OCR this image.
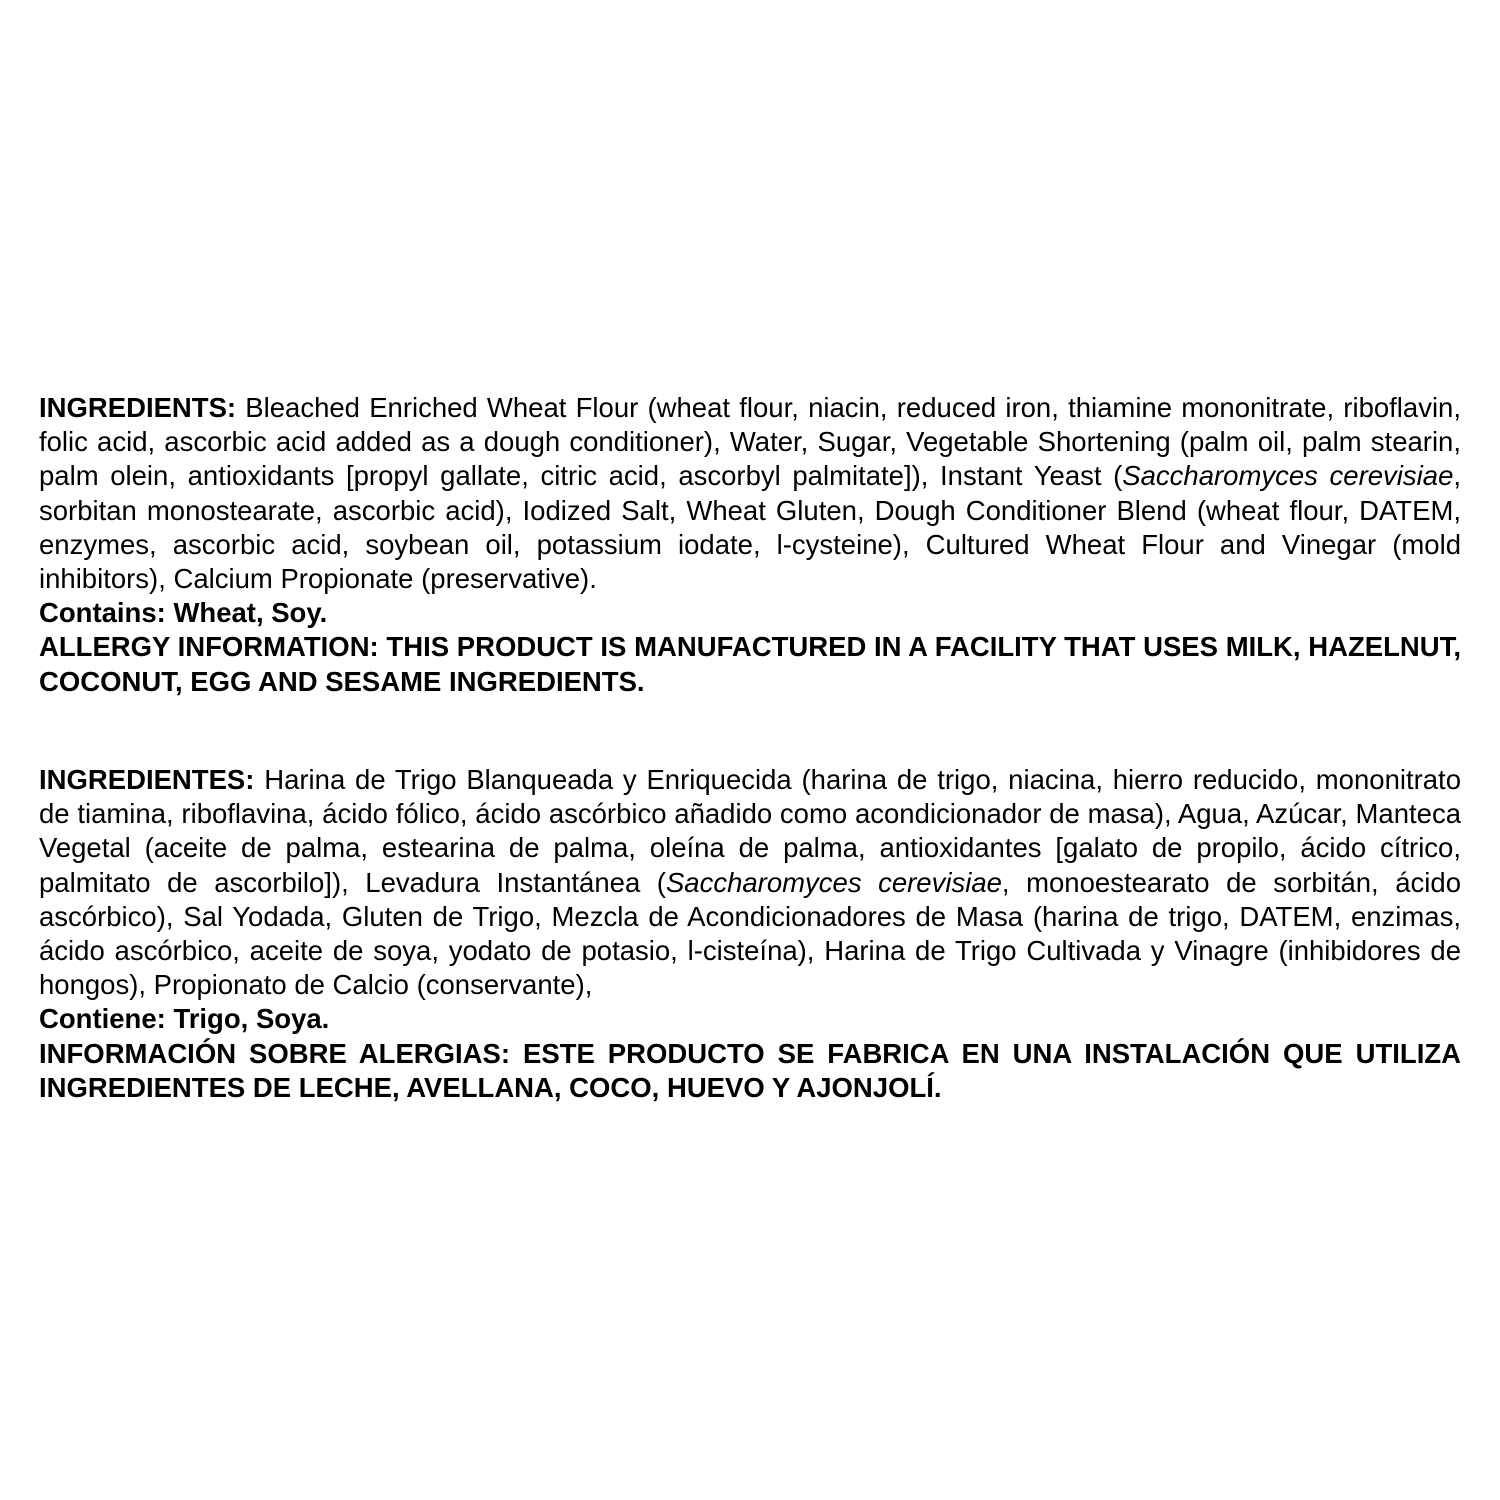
INGREDIENTS: Bleached Enriched Wheat Flour (wheat flour, niacin, reduced iron, thiamine mononitrate, riboflavin, folic acid, ascorbic acid added as a dough conditioner), Water, Sugar, Vegetable Shortening (palm oil, palm stearin, palm olein, antioxidants [propyl gallate, citric acid, ascorbyl palmitate]), Instant Yeast (Saccharomyces cerevisiae, sorbitan monostearate, ascorbic acid), Iodized Salt, Wheat Gluten, Dough Conditioner Blend (wheat flour, DATEM, enzymes, ascorbic acid, soybean oil, potassium iodate, l-cysteine), Cultured Wheat Flour and Vinegar (mold inhibitors), Calcium Propionate (preservative).

Contains: Wheat, Soy.

ALLERGY INFORMATION: THIS PRODUCT IS MANUFACTURED IN A FACILITY THAT USES MILK, HAZELNUT, COCONUT, EGG AND SESAME INGREDIENTS.

INGREDIENTES: Harina de Trigo Blanqueada y Enriquecida (harina de trigo, niacina, hierro reducido, mononitrato de tiamina, riboflavina, ácido fólico, ácido ascórbico añadido como acondicionador de masa), Agua, Azúcar, Manteca Vegetal (aceite de palma, estearina de palma, oleína de palma, antioxidantes [galato de propilo, ácido cítrico, palmitato de ascorbilo]), Levadura Instantánea (Saccharomyces cerevisiae, monoestearato de sorbitán, ácido ascórbico), Sal Yodada, Gluten de Trigo, Mezcla de Acondicionadores de Masa (harina de trigo, DATEM, enzimas, ácido ascórbico, aceite de soya, yodato de potasio, l-cisteína), Harina de Trigo Cultivada y Vinagre (inhibidores de hongos), Propionato de Calcio (conservante),

Contiene: Trigo, Soya.

INFORMACIÓN SOBRE ALERGIAS: ESTE PRODUCTO SE FABRICA EN UNA INSTALACIÓN QUE UTILIZA INGREDIENTES DE LECHE, AVELLANA, COCO, HUEVO Y AJONJOLÍ.
